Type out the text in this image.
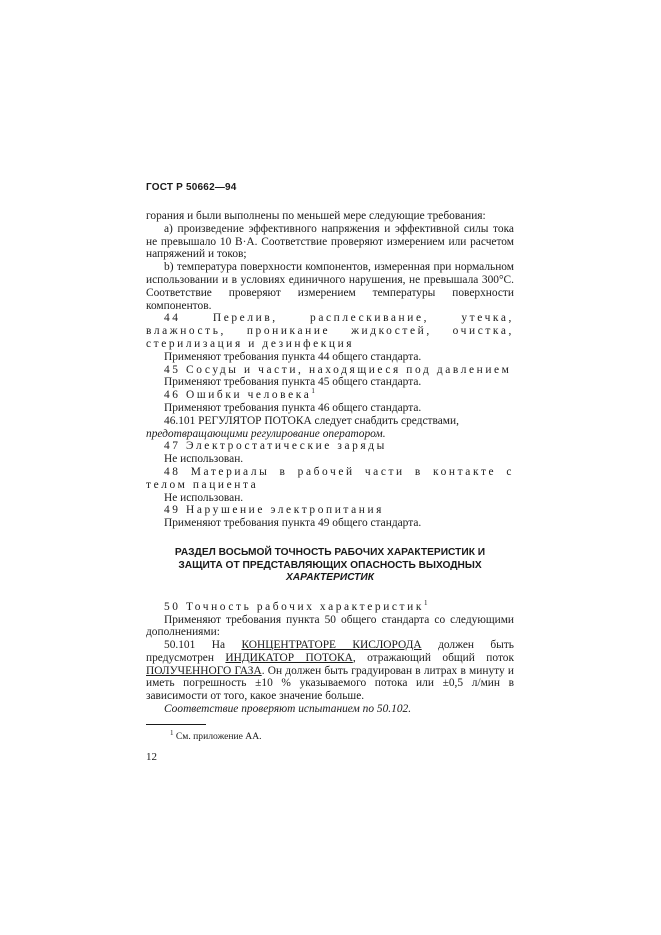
ГОСТ Р 50662—94

горания и были выполнены по меньшей мере следующие требования:

а) произведение эффективного напряжения и эффективной силы тока не превышало 10 В·А. Соответствие проверяют измерением или расчетом напряжений и токов;

b) температура поверхности компонентов, измеренная при нормальном использовании и в условиях единичного нарушения, не превышала 300°С. Соответствие проверяют измерением температуры поверхности компонентов.

44 Перелив, расплескивание, утечка, влажность, проникание жидкостей, очистка, стерилизация и дезинфекция

Применяют требования пункта 44 общего стандарта.

45 Сосуды и части, находящиеся под давлением

Применяют требования пункта 45 общего стандарта.

46 Ошибки человека$^1$

Применяют требования пункта 46 общего стандарта.

46.101 РЕГУЛЯТОР ПОТОКА следует снабдить средствами,

предотвращающими регулирование оператором.

47 Электростатические заряды

Не использован.

48 Материалы в рабочей части в контакте с телом пациента

Не использован.

49 Нарушение электропитания

Применяют требования пункта 49 общего стандарта.

РАЗДЕЛ ВОСЬМОЙ ТОЧНОСТЬ РАБОЧИХ ХАРАКТЕРИСТИК И
ЗАЩИТА ОТ ПРЕДСТАВЛЯЮЩИХ ОПАСНОСТЬ ВЫХОДНЫХ
ХАРАКТЕРИСТИК

50 Точность рабочих характеристик$^1$

Применяют требования пункта 50 общего стандарта со следующими дополнениями:

50.101 На КОНЦЕНТРАТОРЕ КИСЛОРОДА должен быть предусмотрен ИНДИКАТОР ПОТОКА, отражающий общий поток ПОЛУЧЕННОГО ГАЗА. Он должен быть градуирован в литрах в минуту и иметь погрешность ±10 % указываемого потока или ±0,5 л/мин в зависимости от того, какое значение больше.

Соответствие проверяют испытанием по 50.102.

$^1$ См. приложение АА.

12
